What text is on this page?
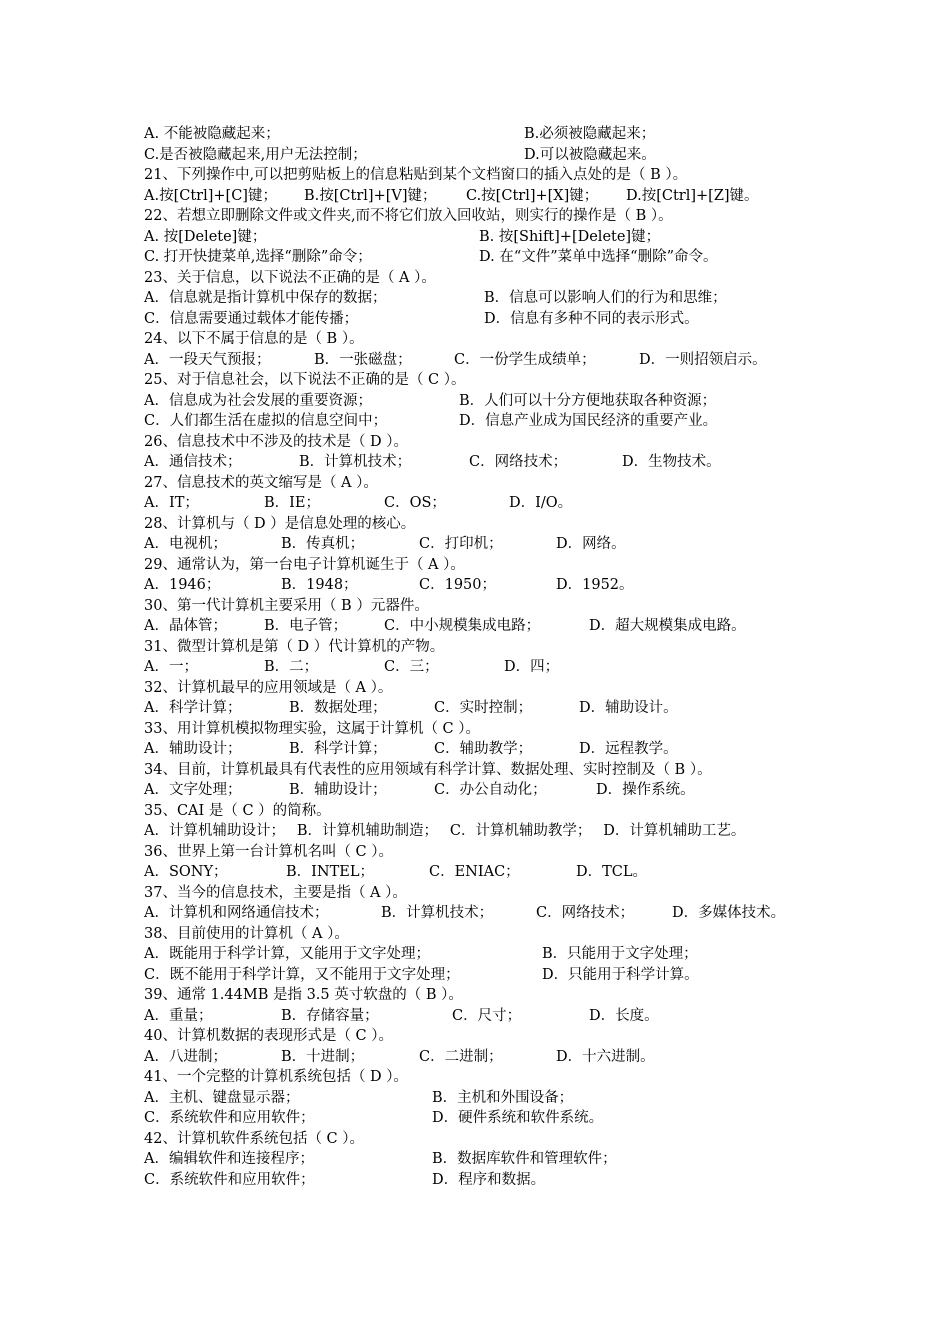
A. 不能被隐藏起来；	B.必须被隐藏起来；
C.是否被隐藏起来,用户无法控制；	D.可以被隐藏起来。
21、下列操作中,可以把剪贴板上的信息粘贴到某个文档窗口的插入点处的是（ B ）。
A.按[Ctrl]+[C]键； B.按[Ctrl]+[V]键； C.按[Ctrl]+[X]键； D.按[Ctrl]+[Z]键。
22、若想立即删除文件或文件夹,而不将它们放入回收站，则实行的操作是（ B ）。
A. 按[Delete]键；	B. 按[Shift]+[Delete]键；
C. 打开快捷菜单,选择“删除”命令；	D. 在“文件”菜单中选择“删除”命令。
23、关于信息，以下说法不正确的是（ A ）。
A．信息就是指计算机中保存的数据；	B．信息可以影响人们的行为和思维；
C．信息需要通过载体才能传播；	D．信息有多种不同的表示形式。
24、以下不属于信息的是（ B ）。
A．一段天气预报；	B．一张磁盘；	C．一份学生成绩单；	D．一则招领启示。
25、对于信息社会，以下说法不正确的是（ C ）。
A．信息成为社会发展的重要资源；	B．人们可以十分方便地获取各种资源；
C．人们都生活在虚拟的信息空间中；	D．信息产业成为国民经济的重要产业。
26、信息技术中不涉及的技术是（ D ）。
A．通信技术；	B．计算机技术；	C．网络技术；	D．生物技术。
27、信息技术的英文缩写是（ A ）。
A．IT；	B．IE；	C．OS；	D．I/O。
28、计算机与（ D ）是信息处理的核心。
A．电视机；	B．传真机；	C．打印机；	D．网络。
29、通常认为，第一台电子计算机诞生于（ A ）。
A．1946；	B．1948；	C．1950；	D．1952。
30、第一代计算机主要采用（ B ）元器件。
A．晶体管；	B．电子管；	C．中小规模集成电路；	D．超大规模集成电路。
31、微型计算机是第（ D ）代计算机的产物。
A．一；	B．二；	C．三；	D．四；
32、计算机最早的应用领域是（ A ）。
A．科学计算；	B．数据处理；	C．实时控制；	D．辅助设计。
33、用计算机模拟物理实验，这属于计算机（ C ）。
A．辅助设计；	B．科学计算；	C．辅助教学；	D．远程教学。
34、目前，计算机最具有代表性的应用领域有科学计算、数据处理、实时控制及（ B ）。
A．文字处理；	B．辅助设计；	C．办公自动化；	D．操作系统。
35、CAI 是（ C ）的简称。
A．计算机辅助设计；　 B．计算机辅助制造；　 C．计算机辅助教学；　 D．计算机辅助工艺。
36、世界上第一台计算机名叫（ C ）。
A．SONY；	B．INTEL；	C．ENIAC；	D．TCL。
37、当今的信息技术，主要是指（ A ）。
A．计算机和网络通信技术；	B．计算机技术；	C．网络技术；	D．多媒体技术。
38、目前使用的计算机（ A ）。
A．既能用于科学计算，又能用于文字处理；	B．只能用于文字处理；
C．既不能用于科学计算，又不能用于文字处理；	D．只能用于科学计算。
39、通常 1.44MB 是指 3.5 英寸软盘的（ B ）。
A．重量；	B．存储容量；	C．尺寸；	D．长度。
40、计算机数据的表现形式是（ C ）。
A．八进制；	B．十进制；	C．二进制；	D．十六进制。
41、一个完整的计算机系统包括（ D ）。
A．主机、键盘显示器；	B．主机和外围设备；
C．系统软件和应用软件；	D．硬件系统和软件系统。
42、计算机软件系统包括（ C ）。
A．编辑软件和连接程序；	B．数据库软件和管理软件；
C．系统软件和应用软件；	D．程序和数据。
